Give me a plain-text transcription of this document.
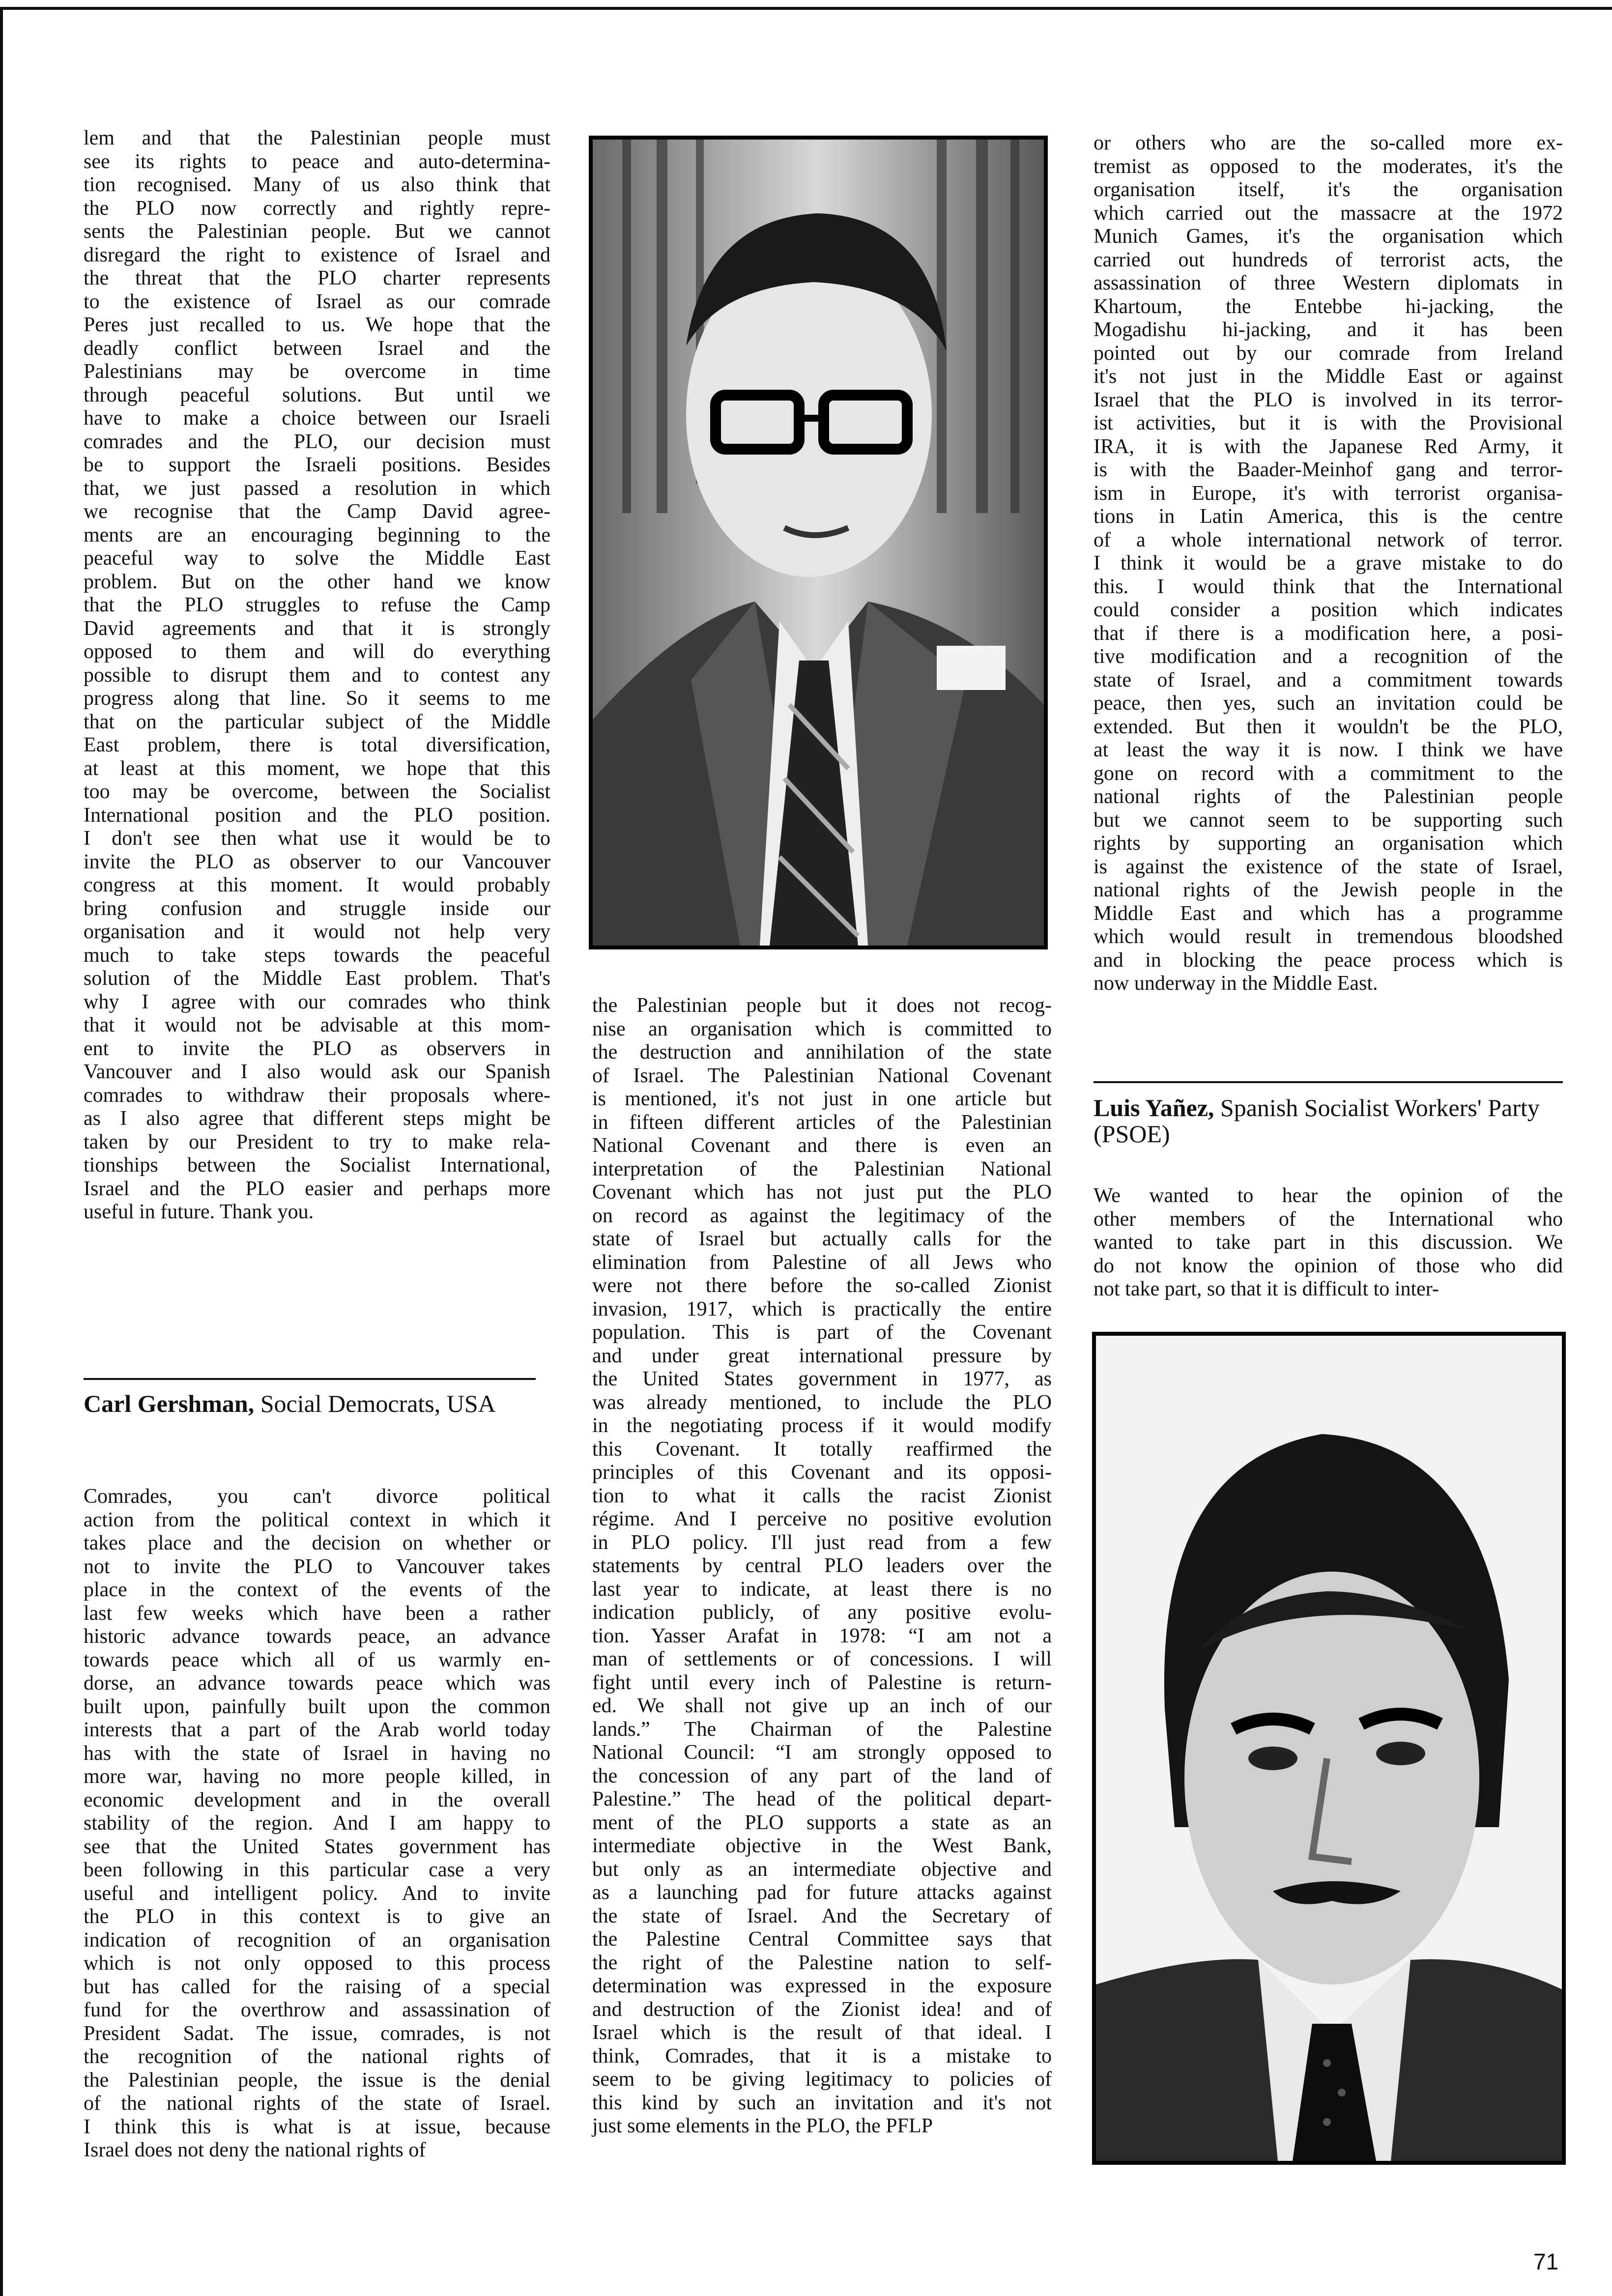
lem and that the Palestinian people must

see its rights to peace and auto-determina-

tion recognised. Many of us also think that

the PLO now correctly and rightly repre-

sents the Palestinian people. But we cannot

disregard the right to existence of Israel and

the threat that the PLO charter represents

to the existence of Israel as our comrade

Peres just recalled to us. We hope that the

deadly conflict between Israel and the

Palestinians may be overcome in time

through peaceful solutions. But until we

have to make a choice between our Israeli

comrades and the PLO, our decision must

be to support the Israeli positions. Besides

that, we just passed a resolution in which

we recognise that the Camp David agree-

ments are an encouraging beginning to the

peaceful way to solve the Middle East

problem. But on the other hand we know

that the PLO struggles to refuse the Camp

David agreements and that it is strongly

opposed to them and will do everything

possible to disrupt them and to contest any

progress along that line. So it seems to me

that on the particular subject of the Middle

East problem, there is total diversification,

at least at this moment, we hope that this

too may be overcome, between the Socialist

International position and the PLO position.

I don't see then what use it would be to

invite the PLO as observer to our Vancouver

congress at this moment. It would probably

bring confusion and struggle inside our

organisation and it would not help very

much to take steps towards the peaceful

solution of the Middle East problem. That's

why I agree with our comrades who think

that it would not be advisable at this mom-

ent to invite the PLO as observers in

Vancouver and I also would ask our Spanish

comrades to withdraw their proposals where-

as I also agree that different steps might be

taken by our President to try to make rela-

tionships between the Socialist International,

Israel and the PLO easier and perhaps more

useful in future. Thank you.

Carl Gershman, Social Democrats, USA

Comrades, you can't divorce political

action from the political context in which it

takes place and the decision on whether or

not to invite the PLO to Vancouver takes

place in the context of the events of the

last few weeks which have been a rather

historic advance towards peace, an advance

towards peace which all of us warmly en-

dorse, an advance towards peace which was

built upon, painfully built upon the common

interests that a part of the Arab world today

has with the state of Israel in having no

more war, having no more people killed, in

economic development and in the overall

stability of the region. And I am happy to

see that the United States government has

been following in this particular case a very

useful and intelligent policy. And to invite

the PLO in this context is to give an

indication of recognition of an organisation

which is not only opposed to this process

but has called for the raising of a special

fund for the overthrow and assassination of

President Sadat. The issue, comrades, is not

the recognition of the national rights of

the Palestinian people, the issue is the denial

of the national rights of the state of Israel.

I think this is what is at issue, because

Israel does not deny the national rights of

the Palestinian people but it does not recog-

nise an organisation which is committed to

the destruction and annihilation of the state

of Israel. The Palestinian National Covenant

is mentioned, it's not just in one article but

in fifteen different articles of the Palestinian

National Covenant and there is even an

interpretation of the Palestinian National

Covenant which has not just put the PLO

on record as against the legitimacy of the

state of Israel but actually calls for the

elimination from Palestine of all Jews who

were not there before the so-called Zionist

invasion, 1917, which is practically the entire

population. This is part of the Covenant

and under great international pressure by

the United States government in 1977, as

was already mentioned, to include the PLO

in the negotiating process if it would modify

this Covenant. It totally reaffirmed the

principles of this Covenant and its opposi-

tion to what it calls the racist Zionist

régime. And I perceive no positive evolution

in PLO policy. I'll just read from a few

statements by central PLO leaders over the

last year to indicate, at least there is no

indication publicly, of any positive evolu-

tion. Yasser Arafat in 1978: “I am not a

man of settlements or of concessions. I will

fight until every inch of Palestine is return-

ed. We shall not give up an inch of our

lands.” The Chairman of the Palestine

National Council: “I am strongly opposed to

the concession of any part of the land of

Palestine.” The head of the political depart-

ment of the PLO supports a state as an

intermediate objective in the West Bank,

but only as an intermediate objective and

as a launching pad for future attacks against

the state of Israel. And the Secretary of

the Palestine Central Committee says that

the right of the Palestine nation to self-

determination was expressed in the exposure

and destruction of the Zionist idea! and of

Israel which is the result of that ideal. I

think, Comrades, that it is a mistake to

seem to be giving legitimacy to policies of

this kind by such an invitation and it's not

just some elements in the PLO, the PFLP

or others who are the so-called more ex-

tremist as opposed to the moderates, it's the

organisation itself, it's the organisation

which carried out the massacre at the 1972

Munich Games, it's the organisation which

carried out hundreds of terrorist acts, the

assassination of three Western diplomats in

Khartoum, the Entebbe hi-jacking, the

Mogadishu hi-jacking, and it has been

pointed out by our comrade from Ireland

it's not just in the Middle East or against

Israel that the PLO is involved in its terror-

ist activities, but it is with the Provisional

IRA, it is with the Japanese Red Army, it

is with the Baader-Meinhof gang and terror-

ism in Europe, it's with terrorist organisa-

tions in Latin America, this is the centre

of a whole international network of terror.

I think it would be a grave mistake to do

this. I would think that the International

could consider a position which indicates

that if there is a modification here, a posi-

tive modification and a recognition of the

state of Israel, and a commitment towards

peace, then yes, such an invitation could be

extended. But then it wouldn't be the PLO,

at least the way it is now. I think we have

gone on record with a commitment to the

national rights of the Palestinian people

but we cannot seem to be supporting such

rights by supporting an organisation which

is against the existence of the state of Israel,

national rights of the Jewish people in the

Middle East and which has a programme

which would result in tremendous bloodshed

and in blocking the peace process which is

now underway in the Middle East.

Luis Yañez, Spanish Socialist Workers' Party (PSOE)

We wanted to hear the opinion of the

other members of the International who

wanted to take part in this discussion. We

do not know the opinion of those who did

not take part, so that it is difficult to inter-

71
